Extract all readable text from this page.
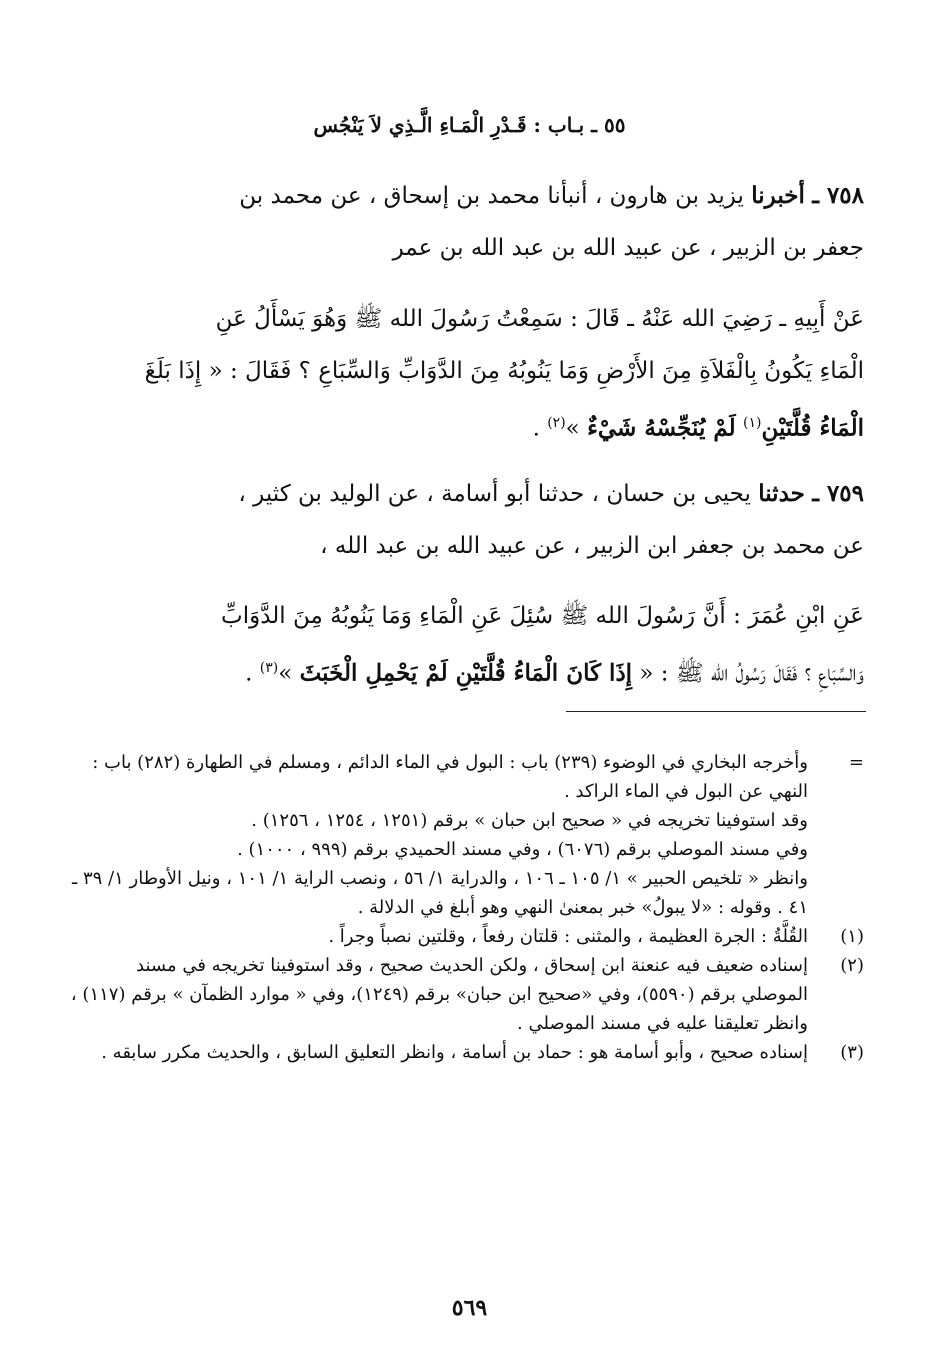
٥٥ ـ بـاب : قَـدْرِ الْمَـاءِ الَّـذِي لاَ يَنْجُس
٧٥٨ ـ أخبرنا يزيد بن هارون ، أنبأنا محمد بن إسحاق ، عن محمد بن
جعفر بن الزبير ، عن عبيد الله بن عبد الله بن عمر
عَنْ أَبِيهِ ـ رَضِيَ الله عَنْهُ ـ قَالَ : سَمِعْتُ رَسُولَ الله ﷺ وَهُوَ يَسْأَلُ عَنِ
الْمَاءِ يَكُونُ بِالْفَلاَةِ مِنَ الأَرْضِ وَمَا يَنُوبُهُ مِنَ الدَّوَابِّ وَالسِّبَاعِ ؟ فَقَالَ : « إِذَا بَلَغَ
الْمَاءُ قُلَّتَيْنِ$^{(١)}$ لَمْ يُنَجِّسْهُ شَيْءٌ »$^{(٢)}$ .
٧٥٩ ـ حدثنا يحيى بن حسان ، حدثنا أبو أسامة ، عن الوليد بن كثير ،
عن محمد بن جعفر ابن الزبير ، عن عبيد الله بن عبد الله ،
عَنِ ابْنِ عُمَرَ : أَنَّ رَسُولَ الله ﷺ سُئِلَ عَنِ الْمَاءِ وَمَا يَنُوبُهُ مِنَ الدَّوَابِّ
وَالسِّبَاعِ ؟ فَقَالَ رَسُولُ الله ﷺ : « إِذَا كَانَ الْمَاءُ قُلَّتَيْنِ لَمْ يَحْمِلِ الْخَبَثَ »$^{(٣)}$ .
=

وأخرجه البخاري في الوضوء (٢٣٩) باب : البول في الماء الدائم ، ومسلم في الطهارة (٢٨٢) باب : النهي عن البول في الماء الراكد .

وقد استوفينا تخريجه في « صحيح ابن حبان » برقم (١٢٥١ ، ١٢٥٤ ، ١٢٥٦) .

وفي مسند الموصلي برقم (٦٠٧٦) ، وفي مسند الحميدي برقم (٩٩٩ ، ١٠٠٠) .

وانظر « تلخيص الحبير » ١/ ١٠٥ ـ ١٠٦ ، والدراية ١/ ٥٦ ، ونصب الراية ١/ ١٠١ ، ونيل الأوطار ١/ ٣٩ ـ ٤١ . وقوله : «لا يبولُ» خبر بمعنىٰ النهي وهو أبلغ في الدلالة .

(١)

القُلَّةُ : الجرة العظيمة ، والمثنى : قلتان رفعاً ، وقلتين نصباً وجراً .

(٢)

إسناده ضعيف فيه عنعنة ابن إسحاق ، ولكن الحديث صحيح ، وقد استوفينا تخريجه في مسند الموصلي برقم (٥٥٩٠)، وفي «صحيح ابن حبان» برقم (١٢٤٩)، وفي « موارد الظمآن » برقم (١١٧) ، وانظر تعليقنا عليه في مسند الموصلي .

(٣)

إسناده صحيح ، وأبو أسامة هو : حماد بن أسامة ، وانظر التعليق السابق ، والحديث مكرر سابقه .

٥٦٩
